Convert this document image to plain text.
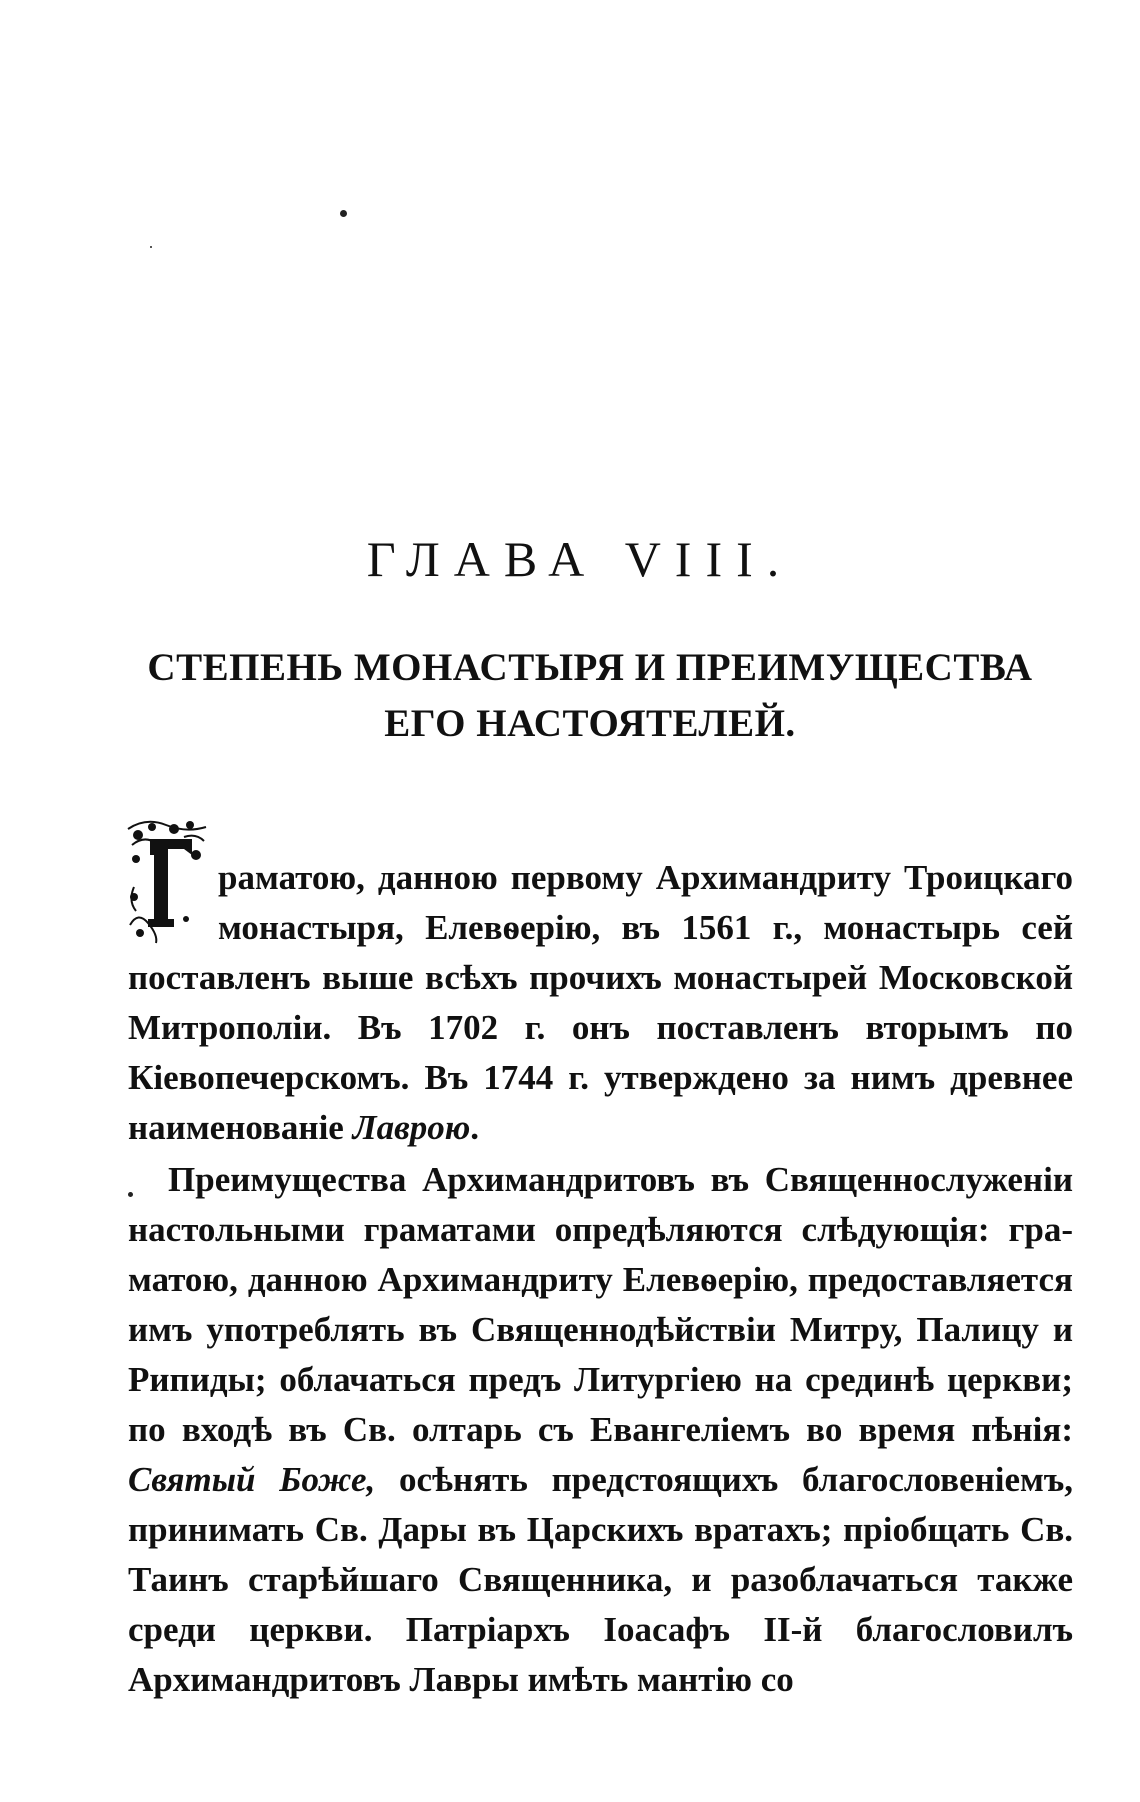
ГЛАВА VIII.
СТЕПЕНЬ МОНАСТЫРЯ И ПРЕИМУЩЕСТВА ЕГО НАСТОЯТЕЛЕЙ.

раматою, данною первому Архимандриту Троицкаго монастыря, Елевѳерію, въ 1561 г., монастырь сей поставленъ выше всѣхъ прочихъ монастырей Московской Митрополіи. Въ 1702 г. онъ поставленъ вторымъ по Кіевопечерскомъ. Въ 1744 г. утверждено за нимъ древнее наименованіе Лаврою.

Преимущества Архимандритовъ въ Священнослуженіи настольными граматами опредѣляются слѣдующія: граматою, данною Архимандриту Елевѳерію, предоставляется имъ употреблять въ Священнодѣйствіи Митру, Палицу и Рипиды; облачаться предъ Литургіею на срединѣ церкви; по входѣ въ Св. олтарь съ Евангеліемъ во время пѣнія: Святый Боже, осѣнять предстоящихъ благословеніемъ, принимать Св. Дары въ Царскихъ вратахъ; пріобщать Св. Таинъ старѣйшаго Священника, и разоблачаться также среди церкви. Патріархъ Іоасафъ II-й благословилъ Архимандритовъ Лавры имѣть мантію со
